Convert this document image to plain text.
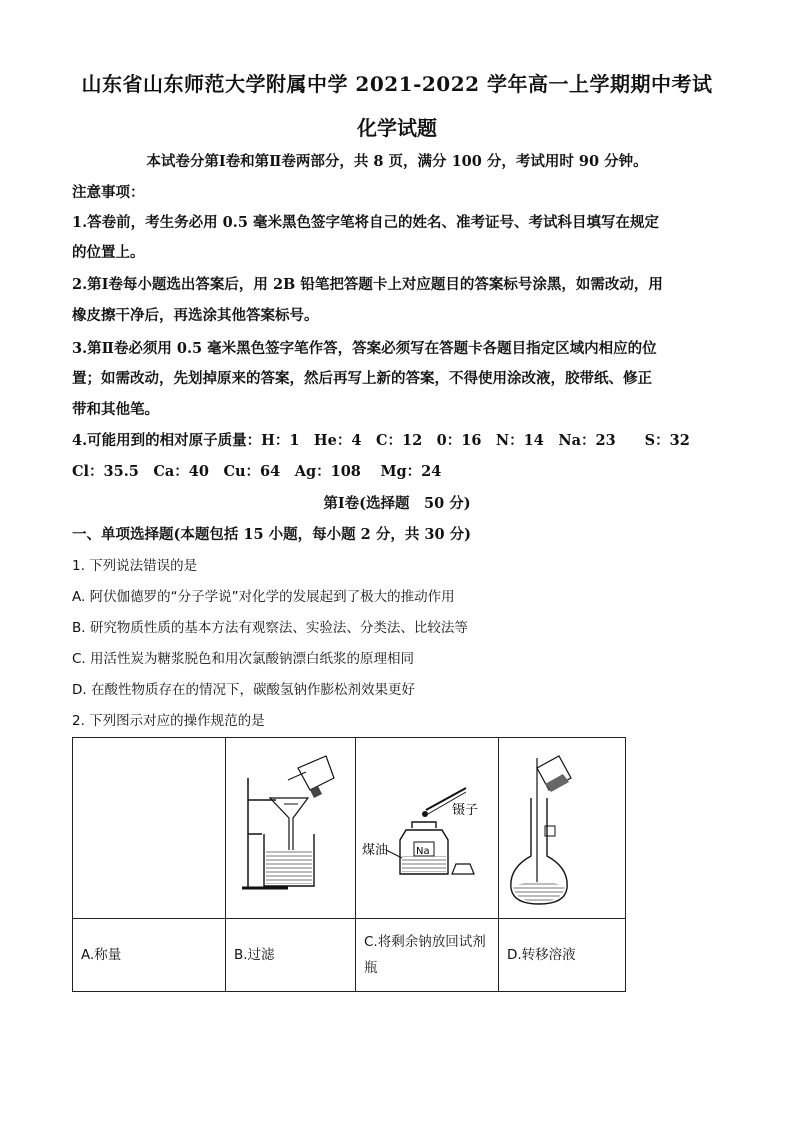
山东省山东师范大学附属中学 2021-2022 学年高一上学期期中考试
化学试题
本试卷分第Ⅰ卷和第Ⅱ卷两部分，共 8 页，满分 100 分，考试用时 90 分钟。
注意事项：
1.答卷前，考生务必用 0.5 毫米黑色签字笔将自己的姓名、准考证号、考试科目填写在规定
的位置上。
2.第Ⅰ卷每小题选出答案后，用 2B 铅笔把答题卡上对应题目的答案标号涂黑，如需改动，用
橡皮擦干净后，再选涂其他答案标号。
3.第Ⅱ卷必须用 0.5 毫米黑色签字笔作答，答案必须写在答题卡各题目指定区域内相应的位
置；如需改动，先划掉原来的答案，然后再写上新的答案，不得使用涂改液，胶带纸、修正
带和其他笔。
4.可能用到的相对原子质量：H：1　He：4　C：12　0：16　N：14　Na：23　　S：32
Cl：35.5　Ca：40　Cu：64　Ag：108　 Mg：24
第Ⅰ卷(选择题　50 分)
一、单项选择题(本题包括 15 小题，每小题 2 分，共 30 分)
1. 下列说法错误的是
A. 阿伏伽德罗的“分子学说”对化学的发展起到了极大的推动作用
B. 研究物质性质的基本方法有观察法、实验法、分类法、比较法等
C. 用活性炭为糖浆脱色和用次氯酸钠漂白纸浆的原理相同
D. 在酸性物质存在的情况下，碳酸氢钠作膨松剂效果更好
2. 下列图示对应的操作规范的是

镊子
Na
煤油

A.称量	B.过滤	C.将剩余钠放回试剂
瓶	D.转移溶液
